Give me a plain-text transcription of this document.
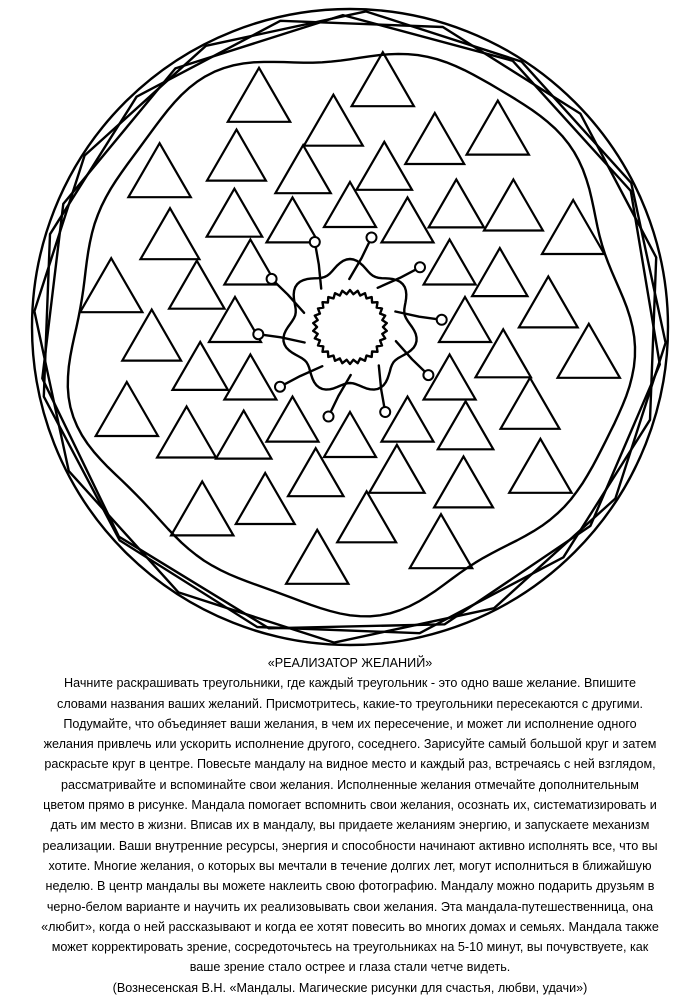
«РЕАЛИЗАТОР ЖЕЛАНИЙ»
Начните раскрашивать треугольники, где каждый треугольник - это одно ваше желание. Впишите
словами названия ваших желаний. Присмотритесь, какие-то треугольники пересекаются с другими.
Подумайте, что объединяет ваши желания, в чем их пересечение, и может ли исполнение одного
желания привлечь или ускорить исполнение другого, соседнего. Зарисуйте самый большой круг и затем
раскрасьте круг в центре. Повесьте мандалу на видное место и каждый раз, встречаясь с ней взглядом,
рассматривайте и вспоминайте свои желания. Исполненные желания отмечайте дополнительным
цветом прямо в рисунке. Мандала помогает вспомнить свои желания, осознать их, систематизировать и
дать им место в жизни. Вписав их в мандалу, вы придаете желаниям энергию, и запускаете механизм
реализации. Ваши внутренние ресурсы, энергия и способности начинают активно исполнять все, что вы
хотите. Многие желания, о которых вы мечтали в течение долгих лет, могут исполниться в ближайшую
неделю. В центр мандалы вы можете наклеить свою фотографию. Мандалу можно подарить друзьям в
черно-белом варианте и научить их реализовывать свои желания. Эта мандала-путешественница, она
«любит», когда о ней рассказывают и когда ее хотят повесить во многих домах и семьях. Мандала также
может корректировать зрение, сосредоточьтесь на треугольниках на 5-10 минут, вы почувствуете, как
ваше зрение стало острее и глаза стали четче видеть.
(Вознесенская В.Н. «Мандалы. Магические рисунки для счастья, любви, удачи»)
